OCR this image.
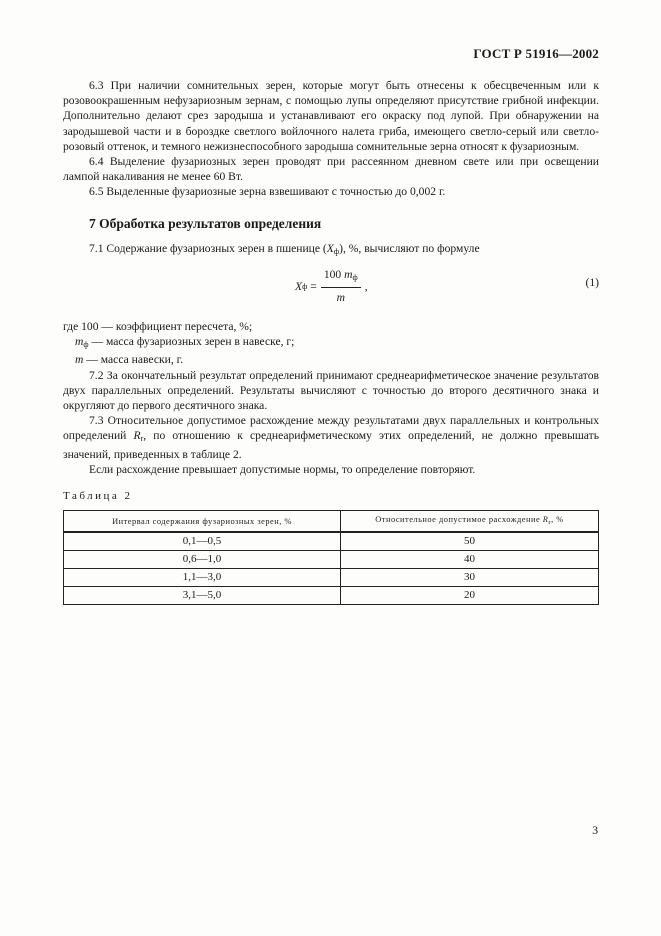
ГОСТ Р 51916—2002

6.3 При наличии сомнительных зерен, которые могут быть отнесены к обесцвеченным или к розовоокрашенным нефузариозным зернам, с помощью лупы определяют присутствие грибной инфекции. Дополнительно делают срез зародыша и устанавливают его окраску под лупой. При обнаружении на зародышевой части и в бороздке светлого войлочного налета гриба, имеющего светло-серый или светло-розовый оттенок, и темного нежизнеспособного зародыша сомнительные зерна относят к фузариозным.

6.4 Выделение фузариозных зерен проводят при рассеянном дневном свете или при освещении лампой накаливания не менее 60 Вт.

6.5 Выделенные фузариозные зерна взвешивают с точностью до 0,002 г.

7 Обработка результатов определения

7.1 Содержание фузариозных зерен в пшенице $(X_ф)$, %, вычисляют по формуле

X $ф = \frac{100 m_ф}{m}$ ,	(1)

где 100 — коэффициент пересчета, %;

$m_ф$ — масса фузариозных зерен в навеске, г;

m — масса навески, г.

7.2 За окончательный результат определений принимают среднеарифметическое значение результатов двух параллельных определений. Результаты вычисляют с точностью до второго десятичного знака и округляют до первого десятичного знака.

7.3 Относительное допустимое расхождение между результатами двух параллельных и контрольных определений $R_r$, по отношению к среднеарифметическому этих определений, не должно превышать значений, приведенных в таблице 2.

Если расхождение превышает допустимые нормы, то определение повторяют.

Таблица 2
Интервал содержания фузариозных зерен, %	Относительное допустимое расхождение $R_r$, %
0,1—0,5	50
0,6—1,0	40
1,1—3,0	30
3,1—5,0	20
3
